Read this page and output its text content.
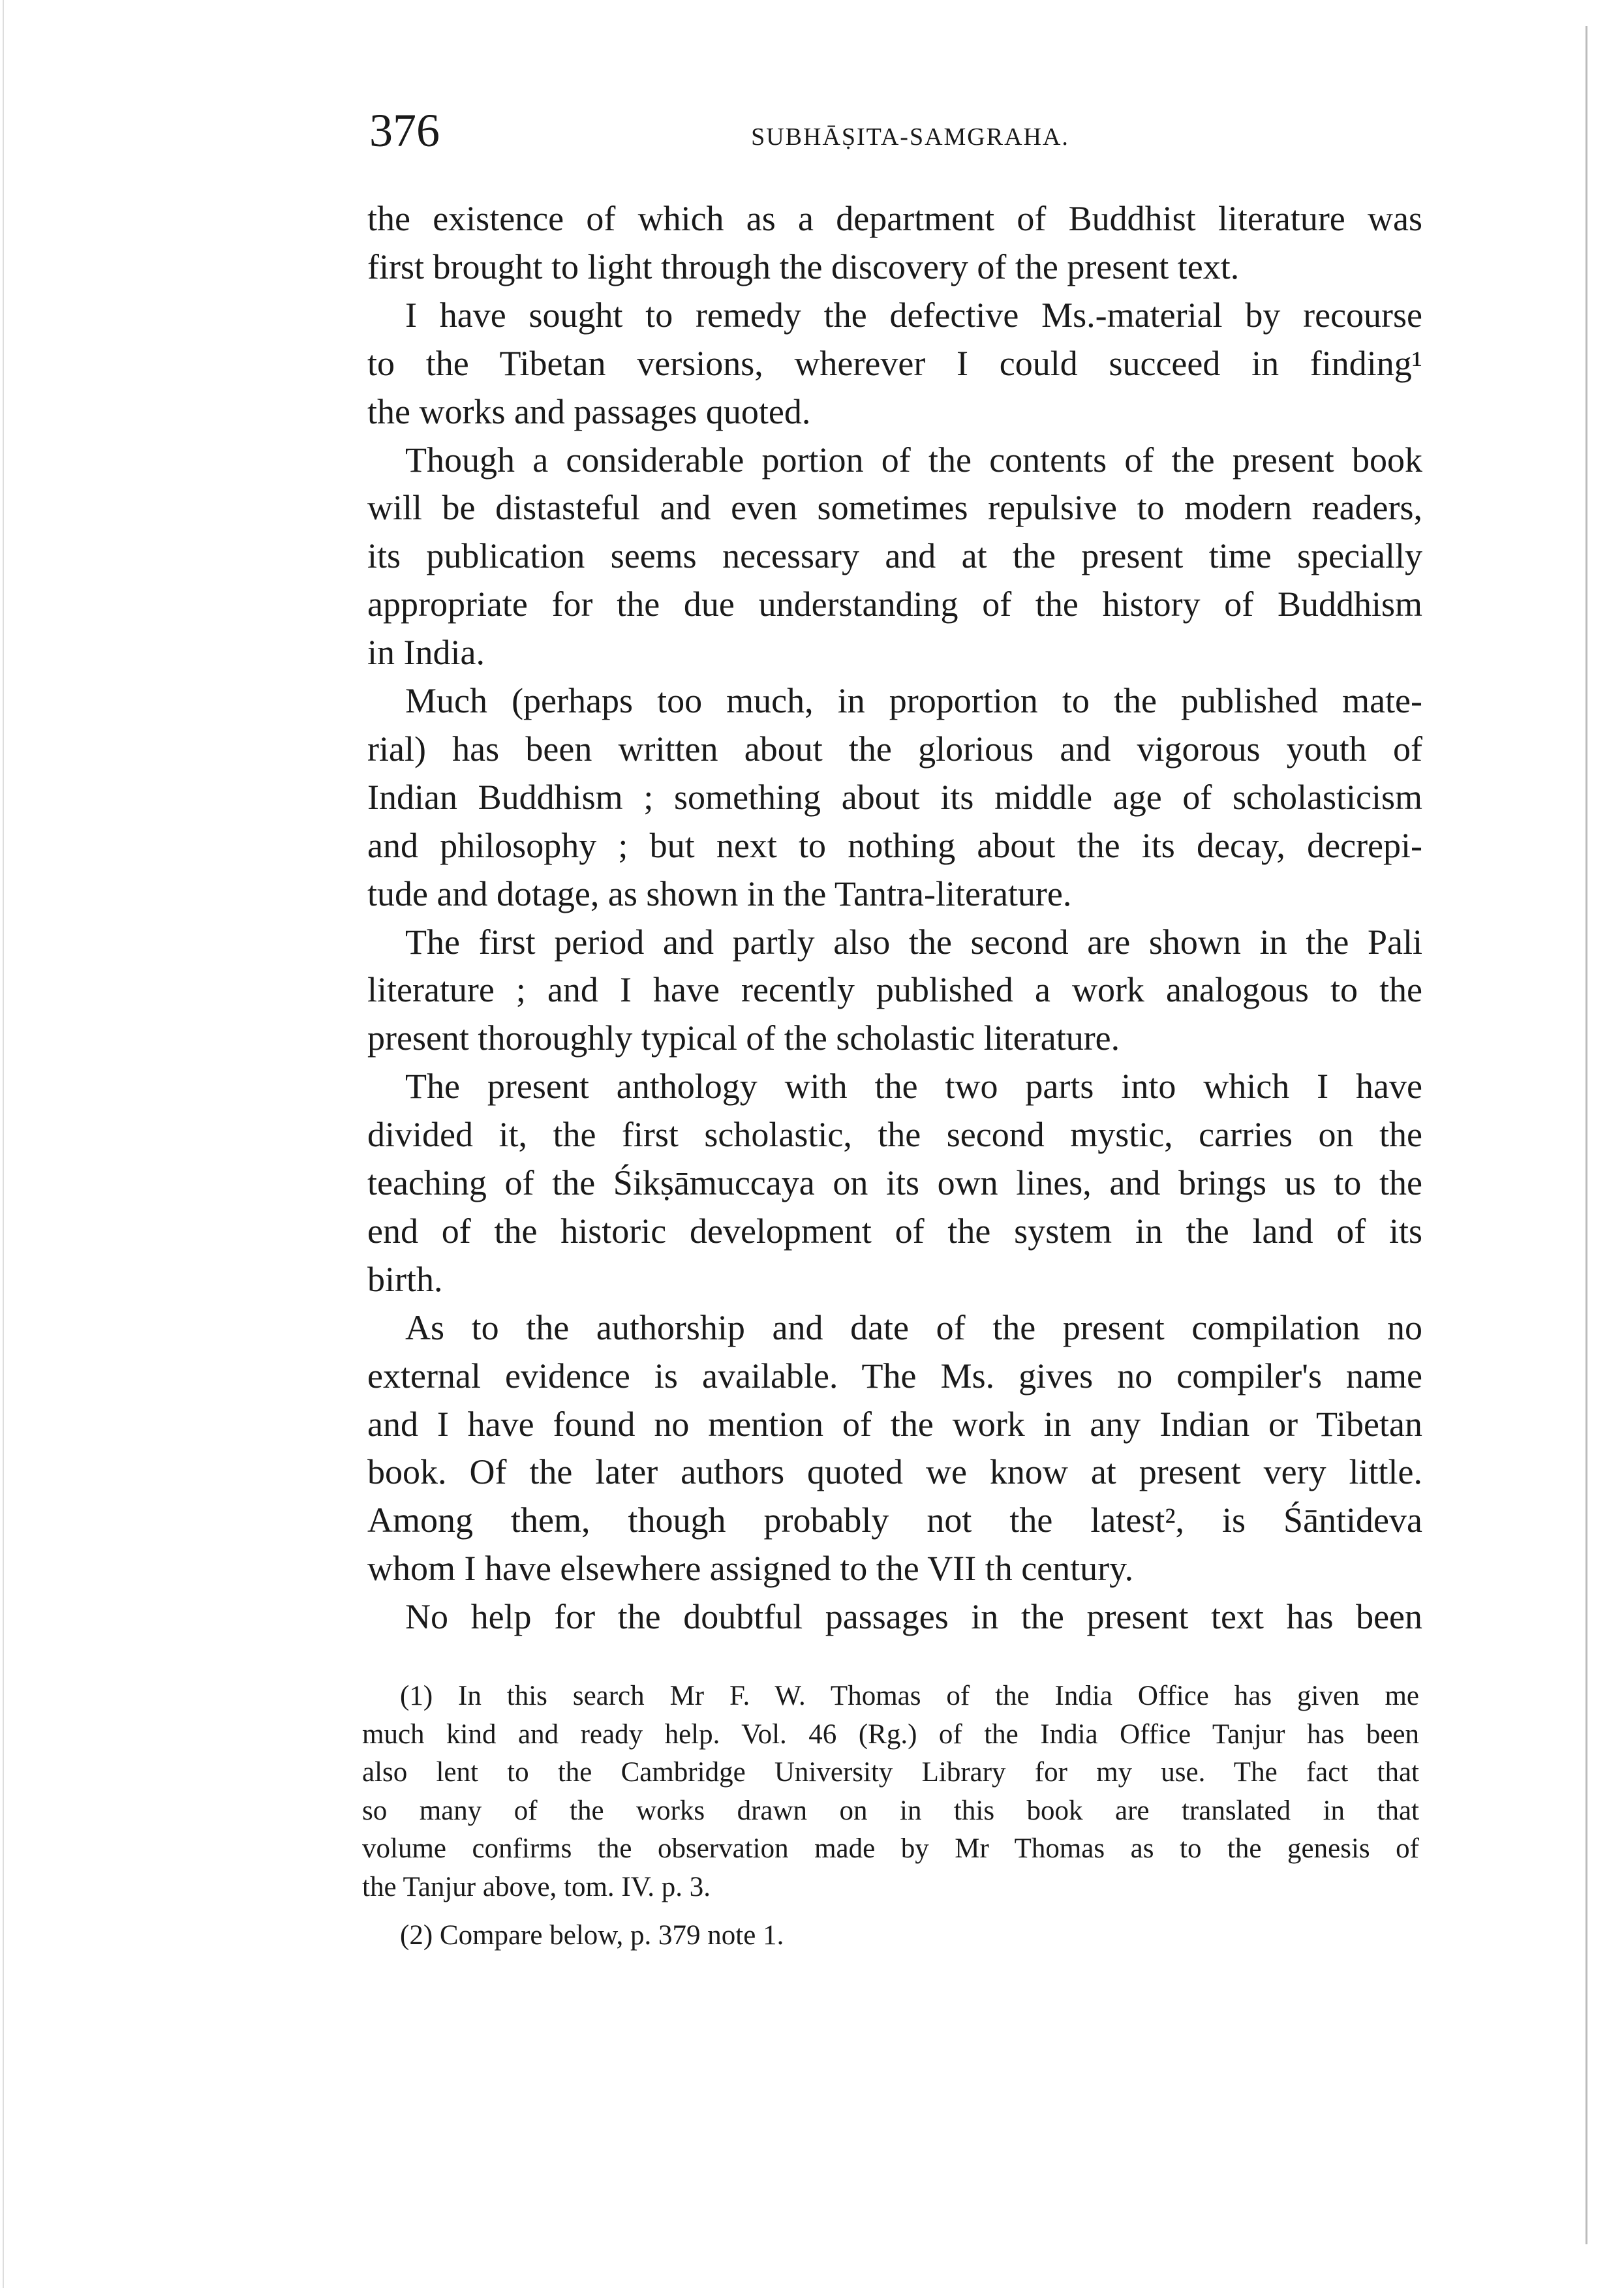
376	SUBHĀṢITA-SAMGRAHA.
the existence of which as a department of Buddhist literature was
first brought to light through the discovery of the present text.
I have sought to remedy the defective Ms.-material by recourse
to the Tibetan versions, wherever I could succeed in finding¹
the works and passages quoted.
Though a considerable portion of the contents of the present book
will be distasteful and even sometimes repulsive to modern readers,
its publication seems necessary and at the present time specially
appropriate for the due understanding of the history of Buddhism
in India.
Much (perhaps too much, in proportion to the published mate-
rial) has been written about the glorious and vigorous youth of
Indian Buddhism ; something about its middle age of scholasticism
and philosophy ; but next to nothing about the its decay, decrepi-
tude and dotage, as shown in the Tantra-literature.
The first period and partly also the second are shown in the Pali
literature ; and I have recently published a work analogous to the
present thoroughly typical of the scholastic literature.
The present anthology with the two parts into which I have
divided it, the first scholastic, the second mystic, carries on the
teaching of the Śikṣāmuccaya on its own lines, and brings us to the
end of the historic development of the system in the land of its
birth.
As to the authorship and date of the present compilation no
external evidence is available. The Ms. gives no compiler's name
and I have found no mention of the work in any Indian or Tibetan
book. Of the later authors quoted we know at present very little.
Among them, though probably not the latest², is Śāntideva
whom I have elsewhere assigned to the VII th century.
No help for the doubtful passages in the present text has been
(1) In this search Mr F. W. Thomas of the India Office has given me
much kind and ready help. Vol. 46 (Rg.) of the India Office Tanjur has been
also lent to the Cambridge University Library for my use. The fact that
so many of the works drawn on in this book are translated in that
volume confirms the observation made by Mr Thomas as to the genesis of
the Tanjur above, tom. IV. p. 3.
(2) Compare below, p. 379 note 1.
